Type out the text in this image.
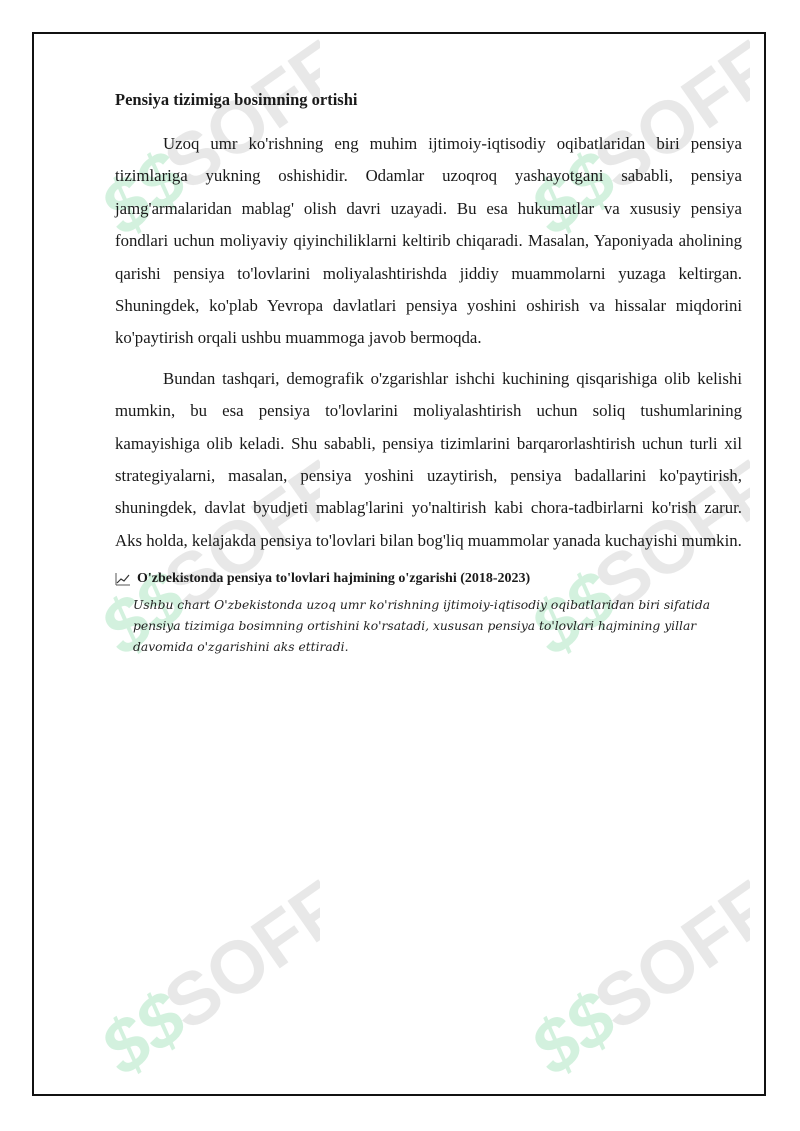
Pensiya tizimiga bosimning ortishi

Uzoq umr ko'rishning eng muhim ijtimoiy-iqtisodiy oqibatlaridan biri pensiya tizimlariga yukning oshishidir. Odamlar uzoqroq yashayotgani sababli, pensiya jamg'armalaridan mablag' olish davri uzayadi. Bu esa hukumatlar va xususiy pensiya fondlari uchun moliyaviy qiyinchiliklarni keltirib chiqaradi. Masalan, Yaponiyada aholining qarishi pensiya to'lovlarini moliyalashtirishda jiddiy muammolarni yuzaga keltirgan. Shuningdek, ko'plab Yevropa davlatlari pensiya yoshini oshirish va hissalar miqdorini ko'paytirish orqali ushbu muammoga javob bermoqda.

Bundan tashqari, demografik o'zgarishlar ishchi kuchining qisqarishiga olib kelishi mumkin, bu esa pensiya to'lovlarini moliyalashtirish uchun soliq tushumlarining kamayishiga olib keladi. Shu sababli, pensiya tizimlarini barqarorlashtirish uchun turli xil strategiyalarni, masalan, pensiya yoshini uzaytirish, pensiya badallarini ko'paytirish, shuningdek, davlat byudjeti mablag'larini yo'naltirish kabi chora-tadbirlarni ko'rish zarur. Aks holda, kelajakda pensiya to'lovlari bilan bog'liq muammolar yanada kuchayishi mumkin.

O'zbekistonda pensiya to'lovlari hajmining o'zgarishi (2018-2023)

Ushbu chart O'zbekistonda uzoq umr ko'rishning ijtimoiy-iqtisodiy oqibatlaridan biri sifatida pensiya tizimiga bosimning ortishini ko'rsatadi, xususan pensiya to'lovlari hajmining yillar davomida o'zgarishini aks ettiradi.
